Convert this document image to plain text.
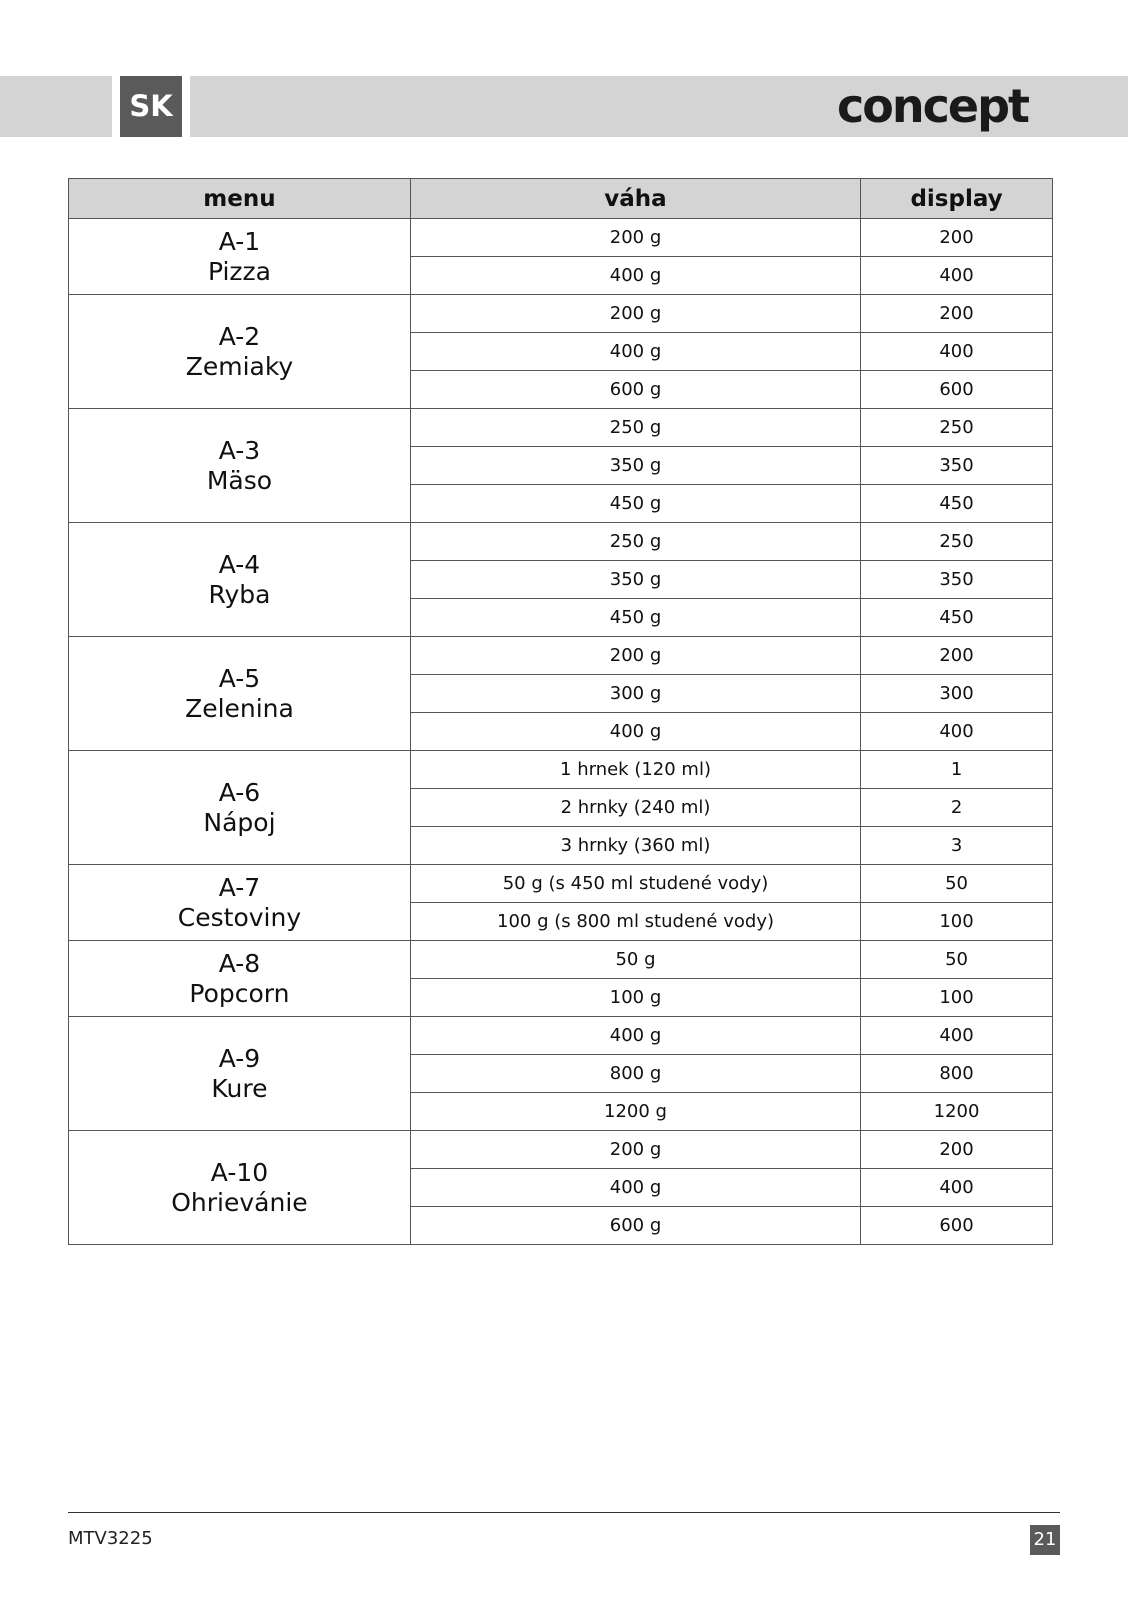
SK	concept
menu	váha	display

A-1
Pizza	200 g	200
	400 g	400

A-2
Zemiaky	200 g	200
	400 g	400
	600 g	600

A-3
Mäso	250 g	250
	350 g	350
	450 g	450

A-4
Ryba	250 g	250
	350 g	350
	450 g	450

A-5
Zelenina	200 g	200
	300 g	300
	400 g	400

A-6
Nápoj	1 hrnek (120 ml)	1
	2 hrnky (240 ml)	2
	3 hrnky (360 ml)	3

A-7
Cestoviny	50 g (s 450 ml studené vody)	50
	100 g (s 800 ml studené vody)	100

A-8
Popcorn	50 g	50
	100 g	100

A-9
Kure	400 g	400
	800 g	800
	1200 g	1200

A-10
Ohrievánie	200 g	200
	400 g	400
	600 g	600
MTV3225	21
